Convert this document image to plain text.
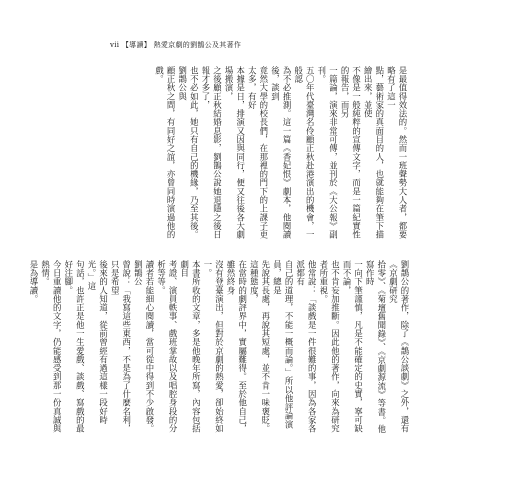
vii 【導讀】 熱愛京劇的劉鵲公及其著作
是最值得效法的。然而一班聲勢大人者，都要略有了這一
點，藝術家的真面目的人，也就能夠在筆下描繪出來，並使
不像是一般純粹的宣傳文字，而是一篇紀實性的報告，而另
一篇論，演來非常可傳，並刊於《大公報》副刊。
五〇年代臺灣名伶顧正秋赴港演出的機會，一般認
為不必推測。這一篇《香妃恨》劇本，他閱讀後，談到
竟然大學的校長們，在那裡的門下的上課子更太多，有好
本據是日，排演又因與同行，便又往後各大劇場搬演，
之後顧正秋結婚息影，劉鵲公說她退隱之後日報才多了，
也不必如此，她只有自己的機緣，乃至其後。劉鵲公與
顧正秋之間，有同好之誼，亦曾同時演過他的戲。
劉鵲公的著作，除了《鵲公談劇》之外，還有《京劇研究
拾零》、《菊壇舊聞錄》、《京劇源流》等書。他寫作時
一向下筆謹慎，凡是不能確定的史實，寧可缺而不論，
也不肯妄加推斷。因此他的著作，向來為研究者所重視。
他常說：「談戲是一件很難的事，因為各家各派都有
自己的道理，不能一概而論。」所以他評論演員，總是
先說其長處，再說其短處，並不肯一味褒貶。這種態度，
在當時的劇評界中，實屬難得。至於他自己，雖然終身
沒有登臺演出，但對於京劇的熱愛，卻始終如一。
本書所收的文章，多是他晚年所寫，內容包括劇目
考證、演員軼事、戲班掌故以及唱腔身段的分析等等。
讀者若能細心閱讀，當可從中得到不少啟發。劉鵲公
曾說：「我寫這些東西，不是為了什麼名利，只是希望
後來的人知道，從前曾經有過這樣一段好時光。」這
句話，也許正是他一生愛戲、談戲、寫戲的最好注腳。
今日重讀他的文字，仍能感受到那一份真誠與熱情。
是為導讀。
